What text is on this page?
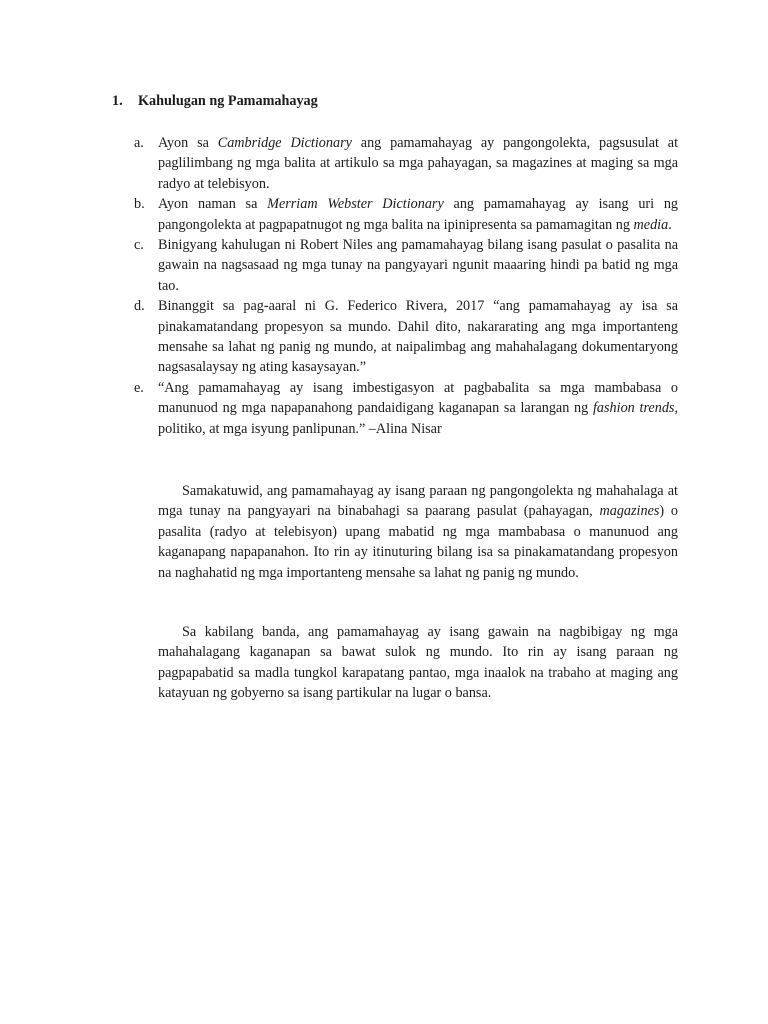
1. Kahulugan ng Pamamahayag
a. Ayon sa Cambridge Dictionary ang pamamahayag ay pangongolekta, pagsusulat at paglilimbang ng mga balita at artikulo sa mga pahayagan, sa magazines at maging sa mga radyo at telebisyon.
b. Ayon naman sa Merriam Webster Dictionary ang pamamahayag ay isang uri ng pangongolekta at pagpapatnugot ng mga balita na ipinipresenta sa pamamagitan ng media.
c. Binigyang kahulugan ni Robert Niles ang pamamahayag bilang isang pasulat o pasalita na gawain na nagsasaad ng mga tunay na pangyayari ngunit maaaring hindi pa batid ng mga tao.
d. Binanggit sa pag-aaral ni G. Federico Rivera, 2017 “ang pamamahayag ay isa sa pinakamatandang propesyon sa mundo. Dahil dito, nakararating ang mga importanteng mensahe sa lahat ng panig ng mundo, at naipalimbag ang mahahalagang dokumentaryong nagsasalaysay ng ating kasaysayan.”
e. “Ang pamamahayag ay isang imbestigasyon at pagbabalita sa mga mambabasa o manunuod ng mga napapanahong pandaidigang kaganapan sa larangan ng fashion trends, politiko, at mga isyung panlipunan.” –Alina Nisar
Samakatuwid, ang pamamahayag ay isang paraan ng pangongolekta ng mahahalaga at mga tunay na pangyayari na binabahagi sa paarang pasulat (pahayagan, magazines) o pasalita (radyo at telebisyon) upang mabatid ng mga mambabasa o manunuod ang kaganapang napapanahon. Ito rin ay itinuturing bilang isa sa pinakamatandang propesyon na naghahatid ng mga importanteng mensahe sa lahat ng panig ng mundo.
Sa kabilang banda, ang pamamahayag ay isang gawain na nagbibigay ng mga mahahalagang kaganapan sa bawat sulok ng mundo. Ito rin ay isang paraan ng pagpapabatid sa madla tungkol karapatang pantao, mga inaalok na trabaho at maging ang katayuan ng gobyerno sa isang partikular na lugar o bansa.
